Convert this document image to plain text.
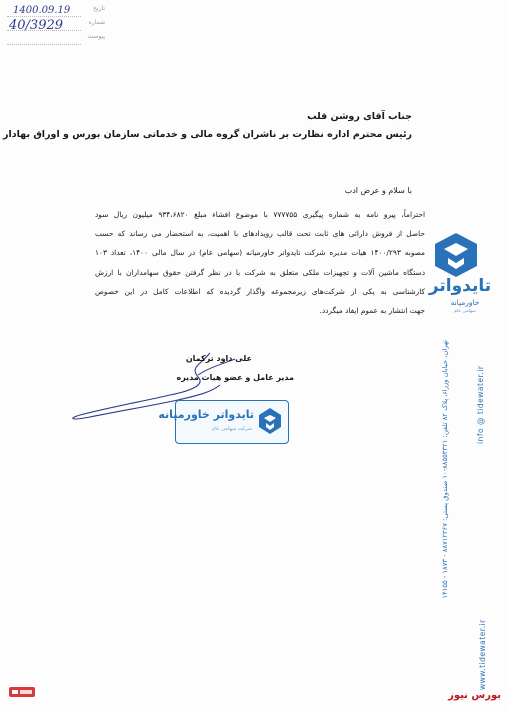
تاریخ
1400.09.19
شماره
40/3929
پیوست
جناب آقای روشن قلب
رئیس محترم اداره نظارت بر ناشران گروه مالی و خدماتی سازمان بورس و اوراق بهادار
با سلام و عرض ادب
احتراماً، پیرو نامه به شماره پیگیری ۷۷۷۷۵۵ با موضوع افشاء مبلغ ۹۳۴،۶۸۲۰ میلیون ریال سود
حاصل از فروش دارائی های ثابت تحت قالب رویدادهای با اهمیت، به استحضار می رساند که حسب
مصوبه ۱۴۰۰/۲۹۳ هیات مدیره شرکت تایدواتر خاورمیانه (سهامی عام) در سال مالی ۱۴۰۰، تعداد ۱۰۳
دستگاه ماشین آلات و تجهیزات ملکی متعلق به شرکت با در نظر گرفتن حقوق سهامداران با ارزش
کارشناسی به یکی از شرکت‌های زیرمجموعه واگذار گردیده که اطلاعات کامل در این خصوص
جهت انتشار به عموم ایفاد میگردد.
علی داود ترکمان
مدیر عامل و عضو هیات مدیره
تایدواتر خاورمیانه
شرکت سهامی عام
تایدواتر
خاورمیانه
سهامی عام
تهران، خیابان وزراء، پلاک ۸۲ تلفن: ۸۸۵۵۳۳۲۱-۱۰ صندوق پستی: ۸۸۷۱۲۳۶۷ - ۱۸۷۳ - ۱۴۱۵۵	info @ tidewater.ir
www.tidewater.ir
بورس نیوز
